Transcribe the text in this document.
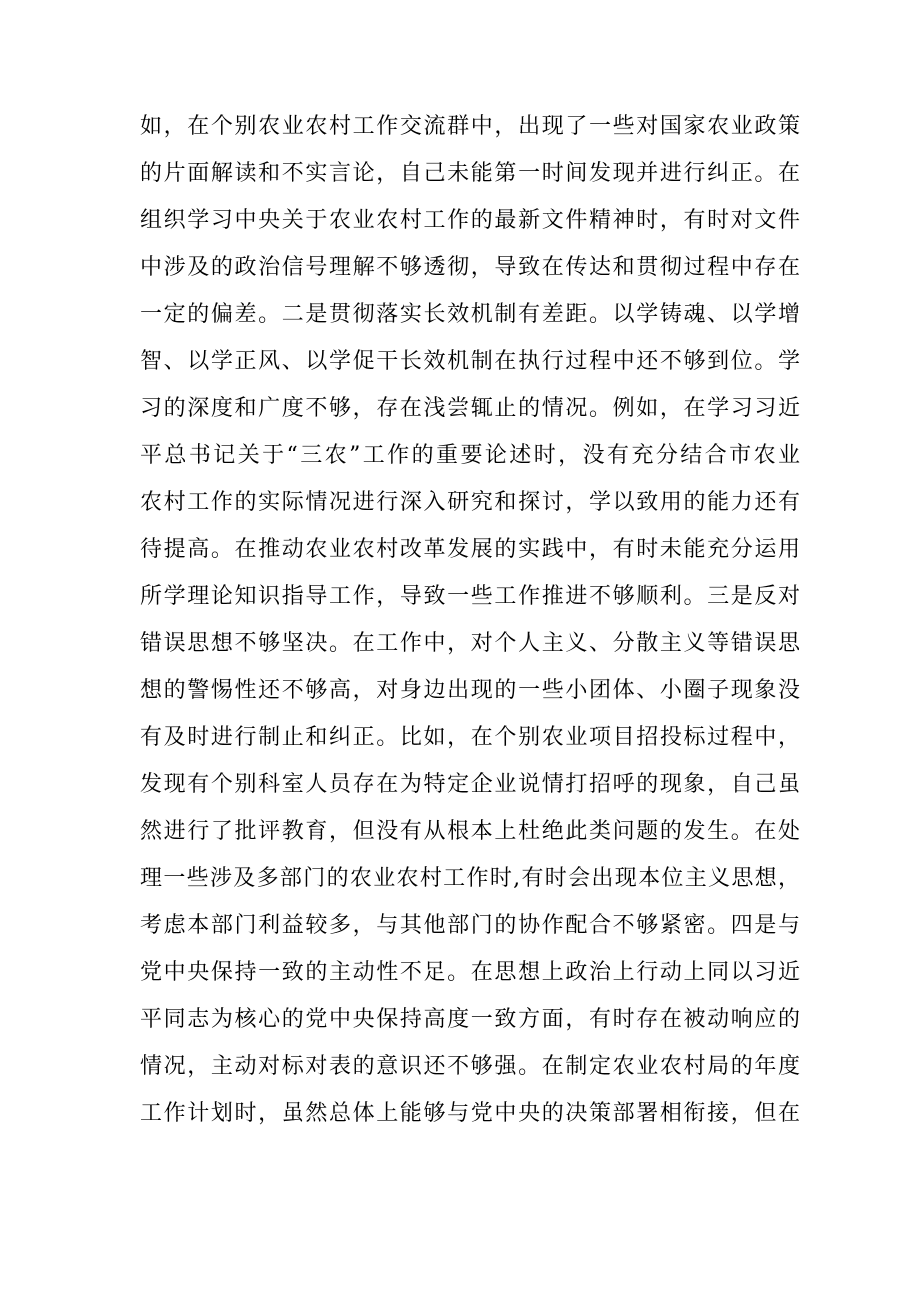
如，在个别农业农村工作交流群中，出现了一些对国家农业政策
的片面解读和不实言论，自己未能第一时间发现并进行纠正。在
组织学习中央关于农业农村工作的最新文件精神时，有时对文件
中涉及的政治信号理解不够透彻，导致在传达和贯彻过程中存在
一定的偏差。二是贯彻落实长效机制有差距。以学铸魂、以学增
智、以学正风、以学促干长效机制在执行过程中还不够到位。学
习的深度和广度不够，存在浅尝辄止的情况。例如，在学习习近
平总书记关于“三农”工作的重要论述时，没有充分结合市农业
农村工作的实际情况进行深入研究和探讨，学以致用的能力还有
待提高。在推动农业农村改革发展的实践中，有时未能充分运用
所学理论知识指导工作，导致一些工作推进不够顺利。三是反对
错误思想不够坚决。在工作中，对个人主义、分散主义等错误思
想的警惕性还不够高，对身边出现的一些小团体、小圈子现象没
有及时进行制止和纠正。比如，在个别农业项目招投标过程中，
发现有个别科室人员存在为特定企业说情打招呼的现象，自己虽
然进行了批评教育，但没有从根本上杜绝此类问题的发生。在处
理一些涉及多部门的农业农村工作时,有时会出现本位主义思想，
考虑本部门利益较多，与其他部门的协作配合不够紧密。四是与
党中央保持一致的主动性不足。在思想上政治上行动上同以习近
平同志为核心的党中央保持高度一致方面，有时存在被动响应的
情况，主动对标对表的意识还不够强。在制定农业农村局的年度
工作计划时，虽然总体上能够与党中央的决策部署相衔接，但在
